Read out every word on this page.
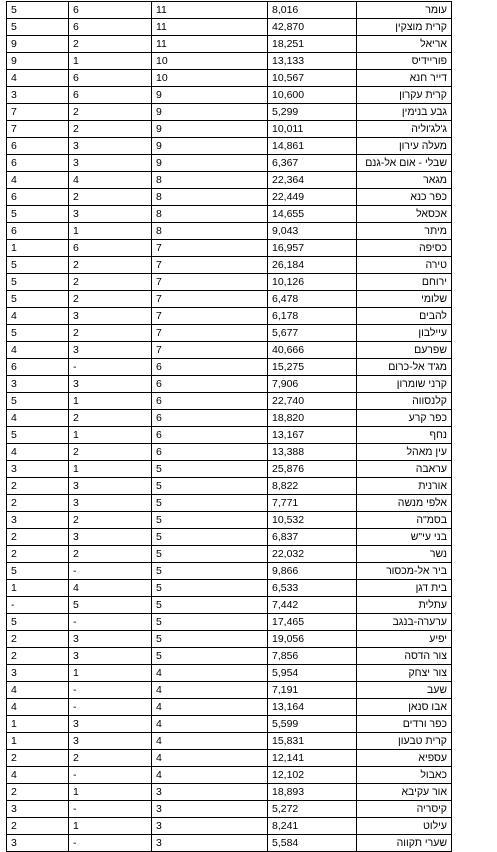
5	6	11	8,016	עומר
5	6	11	42,870	קרית מוצקין
9	2	11	18,251	אריאל
9	1	10	13,133	פוריידיס
4	6	10	10,567	דייר חנא
3	6	9	10,600	קרית עקרון
7	2	9	5,299	גבע בנימין
7	2	9	10,011	ג'לג'וליה
6	3	9	14,861	מעלה עירון
6	3	9	6,367	שבלי - אום אל-גנם
4	4	8	22,364	מגאר
6	2	8	22,449	כפר כנא
5	3	8	14,655	אכסאל
6	1	8	9,043	מיתר
1	6	7	16,957	כסיפה
5	2	7	26,184	טירה
5	2	7	10,126	ירוחם
5	2	7	6,478	שלומי
4	3	7	6,178	להבים
5	2	7	5,677	עיילבון
4	3	7	40,666	שפרעם
6	-	6	15,275	מג'ד אל-כרום
3	3	6	7,906	קרני שומרון
5	1	6	22,740	קלנסווה
4	2	6	18,820	כפר קרע
5	1	6	13,167	נחף
4	2	6	13,388	עין מאהל
3	1	5	25,876	עראבה
2	3	5	8,822	אורנית
2	3	5	7,771	אלפי מנשה
3	2	5	10,532	בסמ"ה
2	3	5	6,837	בני עי"ש
2	2	5	22,032	נשר
5	-	5	9,866	ביר אל-מכסור
1	4	5	6,533	בית דגן
-	5	5	7,442	עתלית
5	-	5	17,465	ערערה-בנגב
2	3	5	19,056	יפיע
2	3	5	7,856	צור הדסה
3	1	4	5,954	צור יצחק
4	-	4	7,191	שעב
4	-	4	13,164	אבו סנאן
1	3	4	5,599	כפר ורדים
1	3	4	15,831	קרית טבעון
2	2	4	12,141	עספיא
4	-	4	12,102	כאבול
2	1	3	18,893	אור עקיבא
3	-	3	5,272	קיסריה
2	1	3	8,241	עילוט
3	-	3	5,584	שערי תקווה
